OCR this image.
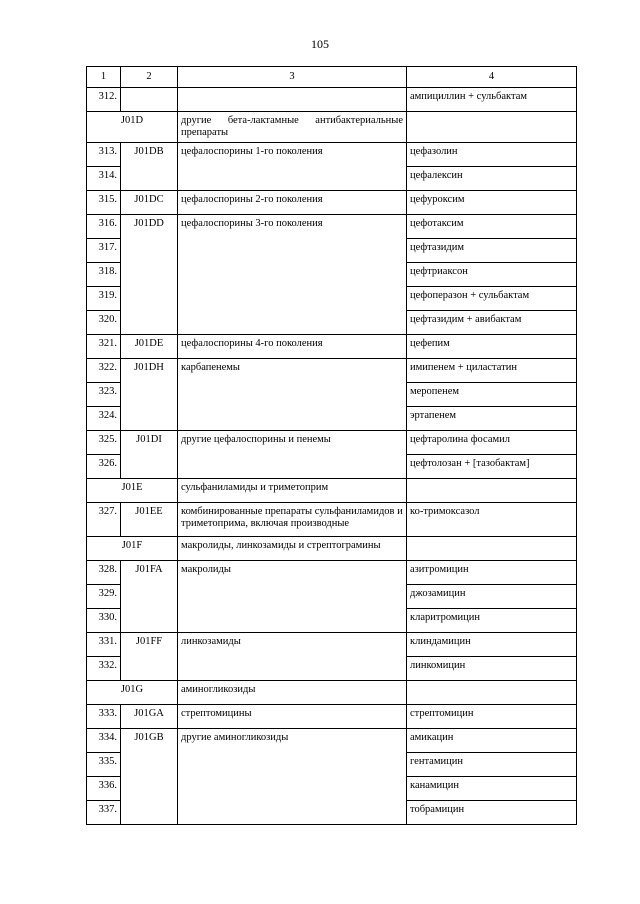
105
1	2	3	4
312.			ампициллин + сульбактам
J01D		другие бета-лактамные антибактериальные препараты	
313.	J01DB	цефалоспорины 1-го поколения	цефазолин
314.			цефалексин
315.	J01DC	цефалоспорины 2-го поколения	цефуроксим
316.	J01DD	цефалоспорины 3-го поколения	цефотаксим
317.			цефтазидим
318.			цефтриаксон
319.			цефоперазон + сульбактам
320.			цефтазидим + авибактам
321.	J01DE	цефалоспорины 4-го поколения	цефепим
322.	J01DH	карбапенемы	имипенем + циластатин
323.			меропенем
324.			эртапенем
325.	J01DI	другие цефалоспорины и пенемы	цефтаролина фосамил
326.			цефтолозан + [тазобактам]
J01E		сульфаниламиды и триметоприм	
327.	J01EE	комбинированные препараты сульфаниламидов и триметоприма, включая производные	ко-тримоксазол
J01F		макролиды, линкозамиды и стрептограмины	
328.	J01FA	макролиды	азитромицин
329.			джозамицин
330.			кларитромицин
331.	J01FF	линкозамиды	клиндамицин
332.			линкомицин
J01G		аминогликозиды	
333.	J01GA	стрептомицины	стрептомицин
334.	J01GB	другие аминогликозиды	амикацин
335.			гентамицин
336.			канамицин
337.			тобрамицин
